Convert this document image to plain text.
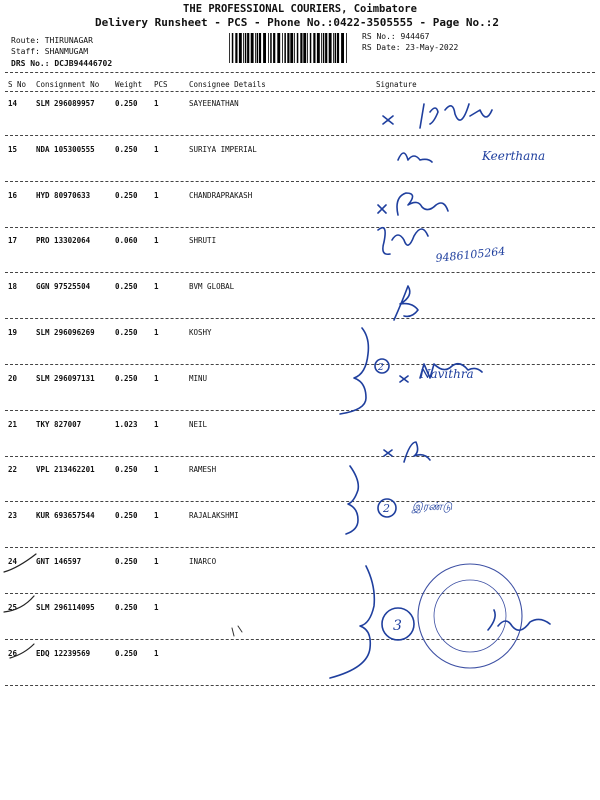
THE PROFESSIONAL COURIERS, Coimbatore
Delivery Runsheet - PCS - Phone No.:0422-3505555 - Page No.:2
Route: THIRUNAGAR
Staff: SHANMUGAM
DRS No.: DCJB94446702
RS No.: 944467
RS Date: 23-May-2022
S No Consignment No Weight PCS	Consignee Details	Signature
14	SLM 296089957	0.250 1	SAYEENATHAN
15	NDA 105300555	0.250 1	SURIYA IMPERIAL
16	HYD 80970633	0.250 1	CHANDRAPRAKASH
17	PRO 13302064	0.060 1	SHRUTI
18	GGN 97525504	0.250 1	BVM GLOBAL
19	SLM 296096269	0.250 1	KOSHY
20	SLM 296097131	0.250 1	MINU
21	TKY 827007	1.023 1	NEIL
22	VPL 213462201	0.250 1	RAMESH
23	KUR 693657544	0.250 1	RAJALAKSHMI
24	GNT 146597	0.250 1	INARCO
25	SLM 296114095	0.250 1
26	EDQ 12239569	0.250 1
Keerthana
9486105264
Navithra
2
2 இரண்டு
3
